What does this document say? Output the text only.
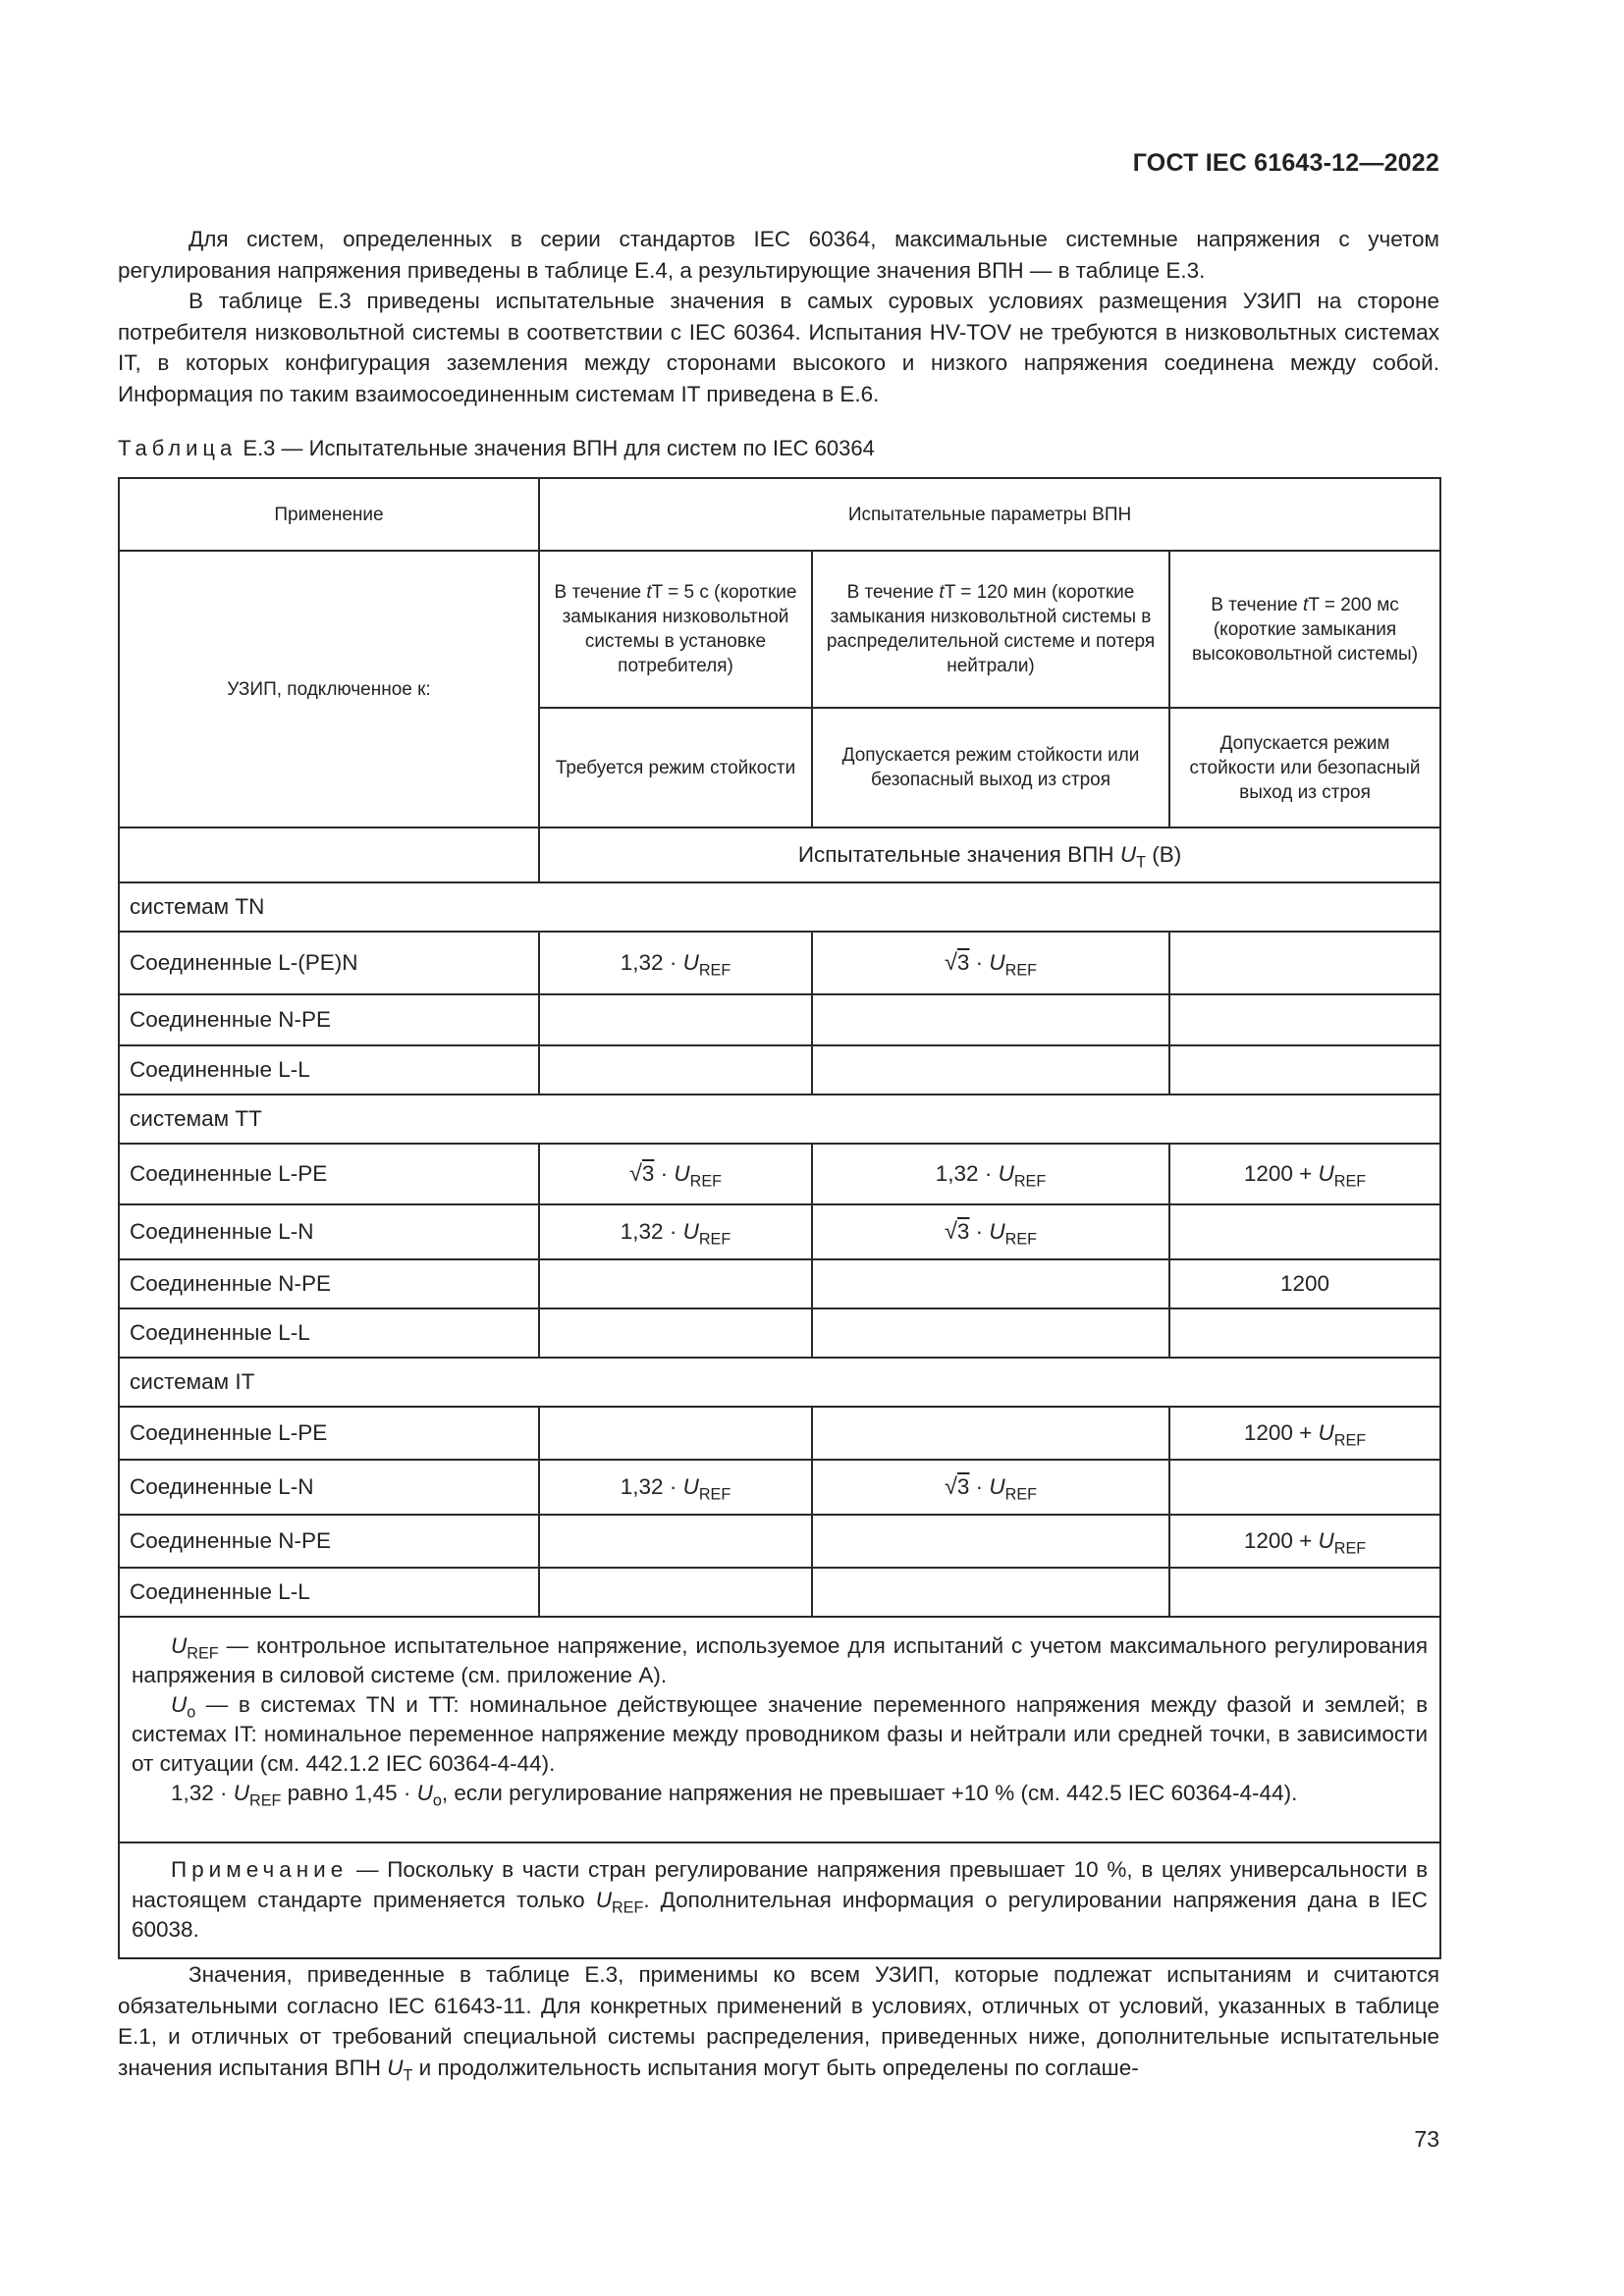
ГОСТ IEC 61643-12—2022

Для систем, определенных в серии стандартов IEC 60364, максимальные системные напряжения с учетом регулирования напряжения приведены в таблице Е.4, а результирующие значения ВПН — в таблице Е.3.

В таблице Е.3 приведены испытательные значения в самых суровых условиях размещения УЗИП на стороне потребителя низковольтной системы в соответствии с IEC 60364. Испытания HV-TOV не требуются в низковольтных системах IT, в которых конфигурация заземления между сторонами высокого и низкого напряжения соединена между собой. Информация по таким взаимосоединенным системам IT приведена в Е.6.

Таблица Е.3 — Испытательные значения ВПН для систем по IEC 60364
Применение	Испытательные параметры ВПН		
УЗИП, подключенное к:	В течение tT = 5 с (короткие замыкания низковольтной системы в установке потребителя)	В течение tT = 120 мин (короткие замыкания низковольтной системы в распределительной системе и потеря нейтрали)	В течение tT = 200 мс (короткие замыкания высоковольтной системы)
	Требуется режим стойкости	Допускается режим стойкости или безопасный выход из строя	Допускается режим стойкости или безопасный выход из строя
	Испытательные значения ВПН $U_T$ (В)		
системам TN			
Соединенные L-(PE)N	$1,32 \cdot U_{REF}$	$√3 \cdot U_{REF}$	
Соединенные N-PE			
Соединенные L-L			
системам TT			
Соединенные L-PE	$√3 \cdot U_{REF}$	$1,32 \cdot U_{REF}$	$1200 + U_{REF}$
Соединенные L-N	$1,32 \cdot U_{REF}$	$√3 \cdot U_{REF}$	
Соединенные N-PE			1200
Соединенные L-L			
системам IT			
Соединенные L-PE			$1200 + U_{REF}$
Соединенные L-N	$1,32 \cdot U_{REF}$	$√3 \cdot U_{REF}$	
Соединенные N-PE			$1200 + U_{REF}$
Соединенные L-L			

$U_{REF}$ — контрольное испытательное напряжение, используемое для испытаний с учетом максимального регулирования напряжения в силовой системе (см. приложение А).

$U_o$ — в системах TN и TT: номинальное действующее значение переменного напряжения между фазой и землей; в системах IT: номинальное переменное напряжение между проводником фазы и нейтрали или средней точки, в зависимости от ситуации (см. 442.1.2 IEC 60364-4-44).

$1,32 \cdot U_{REF}$ равно $1,45 \cdot U_o$, если регулирование напряжения не превышает +10 % (см. 442.5 IEC 60364-4-44).			

Примечание — Поскольку в части стран регулирование напряжения превышает 10 %, в целях универсальности в настоящем стандарте применяется только $U_{REF}$. Дополнительная информация о регулировании напряжения дана в IEC 60038.			

Значения, приведенные в таблице Е.3, применимы ко всем УЗИП, которые подлежат испытаниям и считаются обязательными согласно IEC 61643-11. Для конкретных применений в условиях, отличных от условий, указанных в таблице Е.1, и отличных от требований специальной системы распределения, приведенных ниже, дополнительные испытательные значения испытания ВПН $U_T$ и продолжительность испытания могут быть определены по соглаше-

73
